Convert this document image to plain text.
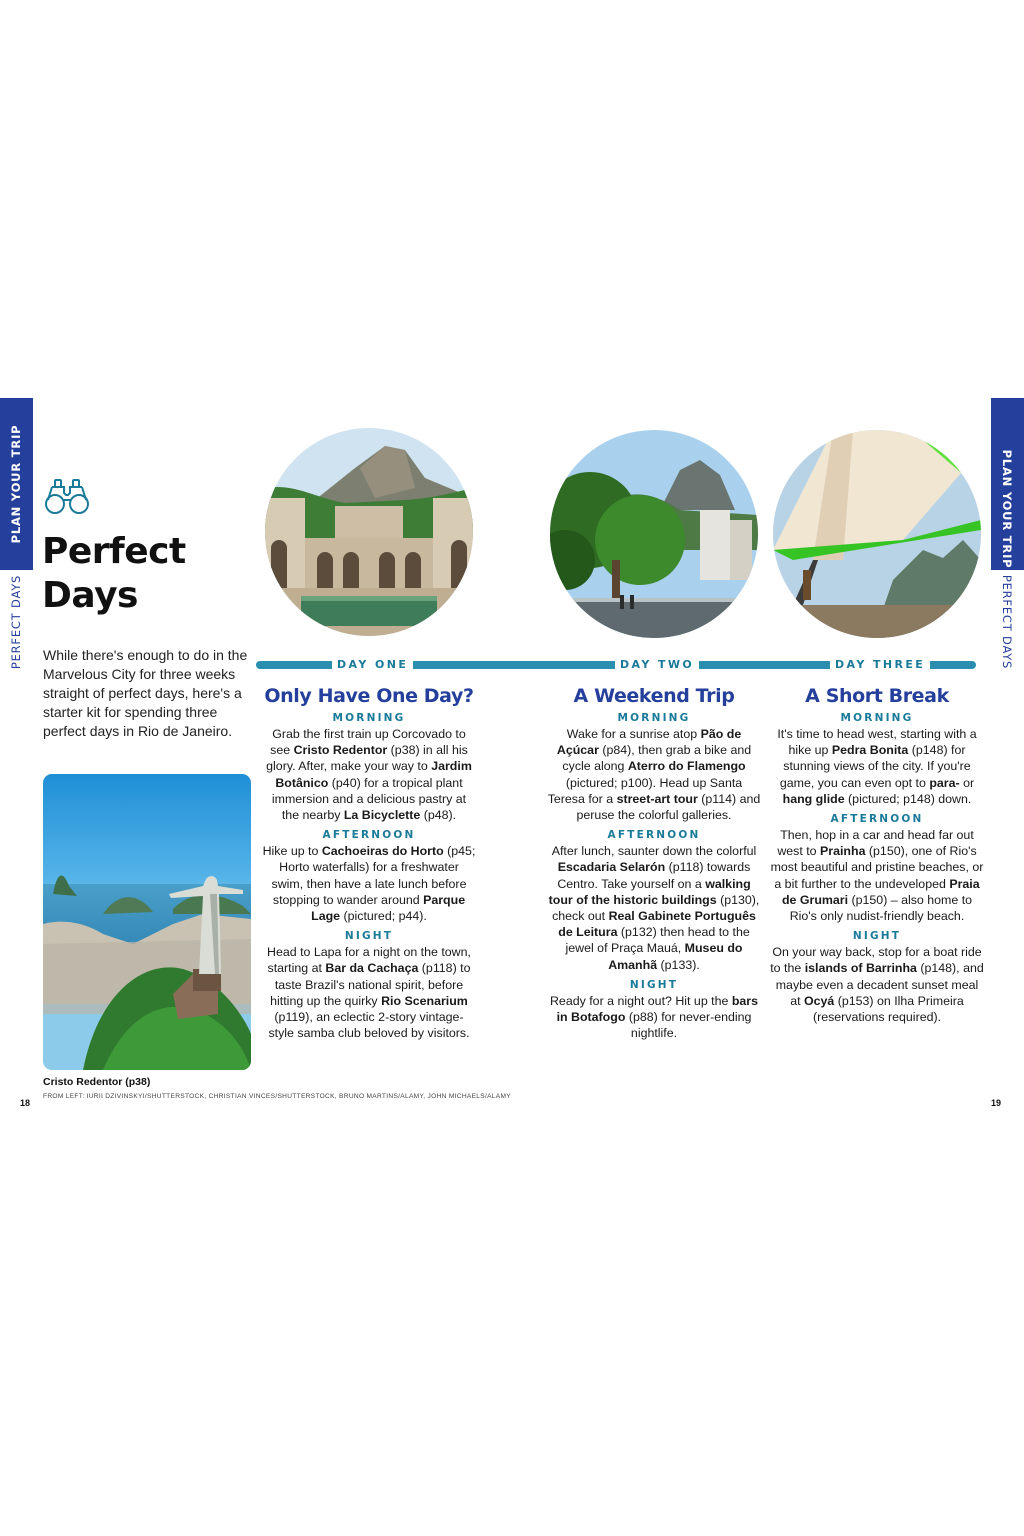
PLAN YOUR TRIP
PERFECT DAYS
PLAN YOUR TRIP
PERFECT DAYS
Perfect
Days
While there's enough to do in the Marvelous City for three weeks straight of perfect days, here's a starter kit for spending three perfect days in Rio de Janeiro.
Cristo Redentor (p38)
FROM LEFT: IURII DZIVINSKYI/SHUTTERSTOCK, CHRISTIAN VINCES/SHUTTERSTOCK, BRUNO MARTINS/ALAMY, JOHN MICHAELS/ALAMY
18	19
DAY ONE	DAY TWO	DAY THREE
Only Have One Day?
MORNING

Grab the first train up Corcovado to see Cristo Redentor (p38) in all his glory. After, make your way to Jardim Botânico (p40) for a tropical plant immersion and a delicious pastry at the nearby La Bicyclette (p48).

AFTERNOON

Hike up to Cachoeiras do Horto (p45; Horto waterfalls) for a freshwater swim, then have a late lunch before stopping to wander around Parque Lage (pictured; p44).

NIGHT

Head to Lapa for a night on the town, starting at Bar da Cachaça (p118) to taste Brazil's national spirit, before hitting up the quirky Rio Scenarium (p119), an eclectic 2-story vintage-style samba club beloved by visitors.

A Weekend Trip
MORNING

Wake for a sunrise atop Pão de Açúcar (p84), then grab a bike and cycle along Aterro do Flamengo (pictured; p100). Head up Santa Teresa for a street-art tour (p114) and peruse the colorful galleries.

AFTERNOON

After lunch, saunter down the colorful Escadaria Selarón (p118) towards Centro. Take yourself on a walking tour of the historic buildings (p130), check out Real Gabinete Português de Leitura (p132) then head to the jewel of Praça Mauá, Museu do Amanhã (p133).

NIGHT

Ready for a night out? Hit up the bars in Botafogo (p88) for never-ending nightlife.

A Short Break
MORNING

It's time to head west, starting with a hike up Pedra Bonita (p148) for stunning views of the city. If you're game, you can even opt to para- or hang glide (pictured; p148) down.

AFTERNOON

Then, hop in a car and head far out west to Prainha (p150), one of Rio's most beautiful and pristine beaches, or a bit further to the undeveloped Praia de Grumari (p150) – also home to Rio's only nudist-friendly beach.

NIGHT

On your way back, stop for a boat ride to the islands of Barrinha (p148), and maybe even a decadent sunset meal at Ocyá (p153) on Ilha Primeira (reservations required).
